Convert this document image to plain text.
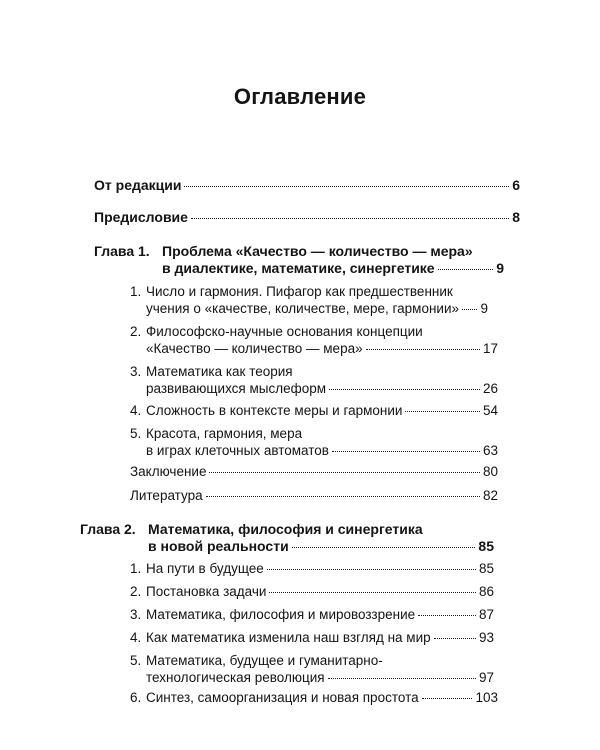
Оглавление
От редакции	6
Предисловие	8
Глава 1. Проблема «Качество — количество — мера»
в диалектике, математике, синергетике	9
1. Число и гармония. Пифагор как предшественник
учения о «качестве, количестве, мере, гармонии» 9
2. Философско-научные основания концепции
«Качество — количество — мера»	17
3. Математика как теория
развивающихся мыслеформ	26
4. Сложность в контексте меры и гармонии	54
5. Красота, гармония, мера
в играх клеточных автоматов	63
Заключение	80
Литература	82
Глава 2. Математика, философия и синергетика
в новой реальности	85
1. На пути в будущее	85
2. Постановка задачи	86
3. Математика, философия и мировоззрение	87
4. Как математика изменила наш взгляд на мир	93
5. Математика, будущее и гуманитарно-
технологическая революция	97
6. Синтез, самоорганизация и новая простота	103
